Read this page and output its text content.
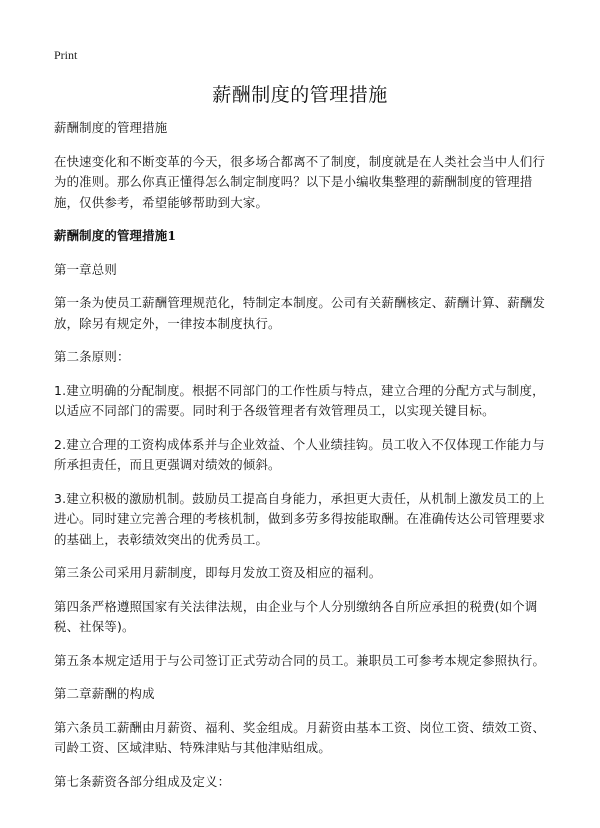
Print
薪酬制度的管理措施

薪酬制度的管理措施

在快速变化和不断变革的今天，很多场合都离不了制度，制度就是在人类社会当中人们行为的准则。那么你真正懂得怎么制定制度吗？以下是小编收集整理的薪酬制度的管理措施，仅供参考，希望能够帮助到大家。

薪酬制度的管理措施1

第一章总则

第一条为使员工薪酬管理规范化，特制定本制度。公司有关薪酬核定、薪酬计算、薪酬发放，除另有规定外，一律按本制度执行。

第二条原则：

1.建立明确的分配制度。根据不同部门的工作性质与特点，建立合理的分配方式与制度，以适应不同部门的需要。同时利于各级管理者有效管理员工，以实现关键目标。

2.建立合理的工资构成体系并与企业效益、个人业绩挂钩。员工收入不仅体现工作能力与所承担责任，而且更强调对绩效的倾斜。

3.建立积极的激励机制。鼓励员工提高自身能力，承担更大责任，从机制上激发员工的上进心。同时建立完善合理的考核机制，做到多劳多得按能取酬。在准确传达公司管理要求的基础上，表彰绩效突出的优秀员工。

第三条公司采用月薪制度，即每月发放工资及相应的福利。

第四条严格遵照国家有关法律法规，由企业与个人分别缴纳各自所应承担的税费(如个调税、社保等)。

第五条本规定适用于与公司签订正式劳动合同的员工。兼职员工可参考本规定参照执行。

第二章薪酬的构成

第六条员工薪酬由月薪资、福利、奖金组成。月薪资由基本工资、岗位工资、绩效工资、司龄工资、区域津贴、特殊津贴与其他津贴组成。

第七条薪资各部分组成及定义：
